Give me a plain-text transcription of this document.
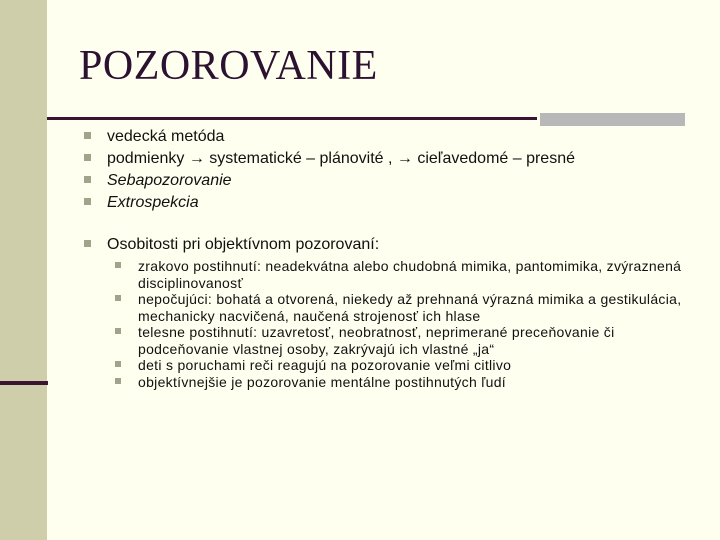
POZOROVANIE
vedecká metóda
podmienky → systematické – plánovité , → cieľavedomé – presné
Sebapozorovanie
Extrospekcia
Osobitosti pri objektívnom pozorovaní:
zrakovo postihnutí: neadekvátna alebo chudobná mimika, pantomimika, zvýraznená disciplinovanosť
nepočujúci: bohatá a otvorená, niekedy až prehnaná výrazná mimika a gestikulácia, mechanicky nacvičená, naučená strojenosť ich hlase
telesne postihnutí: uzavretosť, neobratnosť, neprimerané preceňovanie či podceňovanie vlastnej osoby, zakrývajú ich vlastné „ja“
deti s poruchami reči reagujú na pozorovanie veľmi citlivo
objektívnejšie je pozorovanie mentálne postihnutých ľudí
